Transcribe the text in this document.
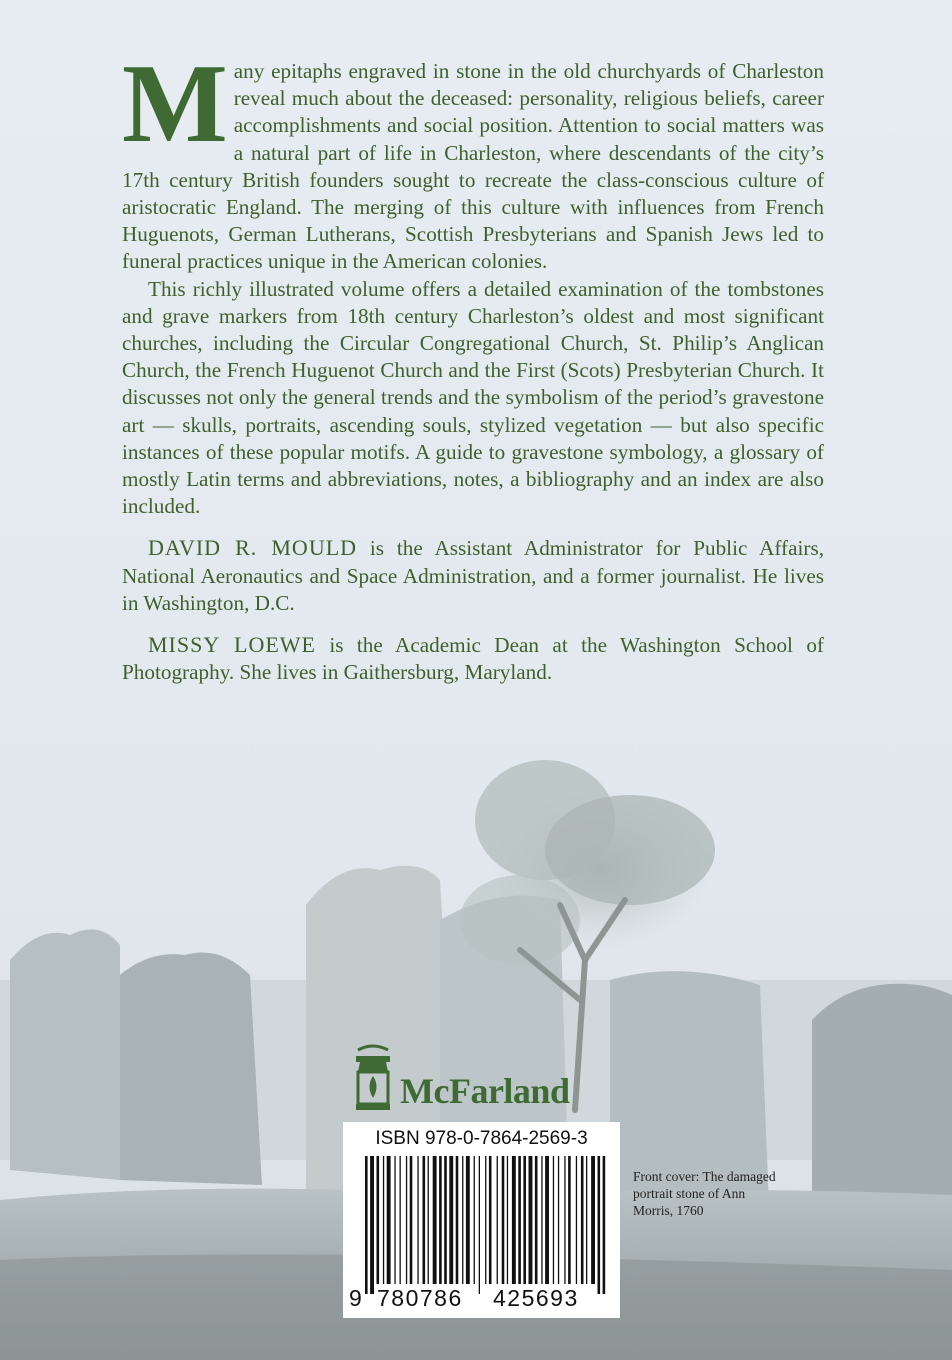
Many epitaphs engraved in stone in the old churchyards of Charleston reveal much about the deceased: personality, religious beliefs, career accomplishments and social position. Attention to social matters was a natural part of life in Charleston, where descendants of the city’s 17th century British founders sought to recreate the class-conscious culture of aristocratic England. The merging of this culture with influences from French Huguenots, German Lutherans, Scottish Presbyterians and Spanish Jews led to funeral practices unique in the American colonies.

This richly illustrated volume offers a detailed examination of the tombstones and grave markers from 18th century Charleston’s oldest and most significant churches, including the Circular Congregational Church, St. Philip’s Anglican Church, the French Huguenot Church and the First (Scots) Presbyterian Church. It discusses not only the general trends and the symbolism of the period’s gravestone art — skulls, portraits, ascending souls, stylized vegetation — but also specific instances of these popular motifs. A guide to gravestone symbology, a glossary of mostly Latin terms and abbreviations, notes, a bibliography and an index are also included.

DAVID R. MOULD is the Assistant Administrator for Public Affairs, National Aeronautics and Space Administration, and a former journalist. He lives in Washington, D.C.

MISSY LOEWE is the Academic Dean at the Washington School of Photography. She lives in Gaithersburg, Maryland.

McFarland
ISBN 978-0-7864-2569-3
9 780786 425693
Front cover: The damaged portrait stone of Ann Morris, 1760
